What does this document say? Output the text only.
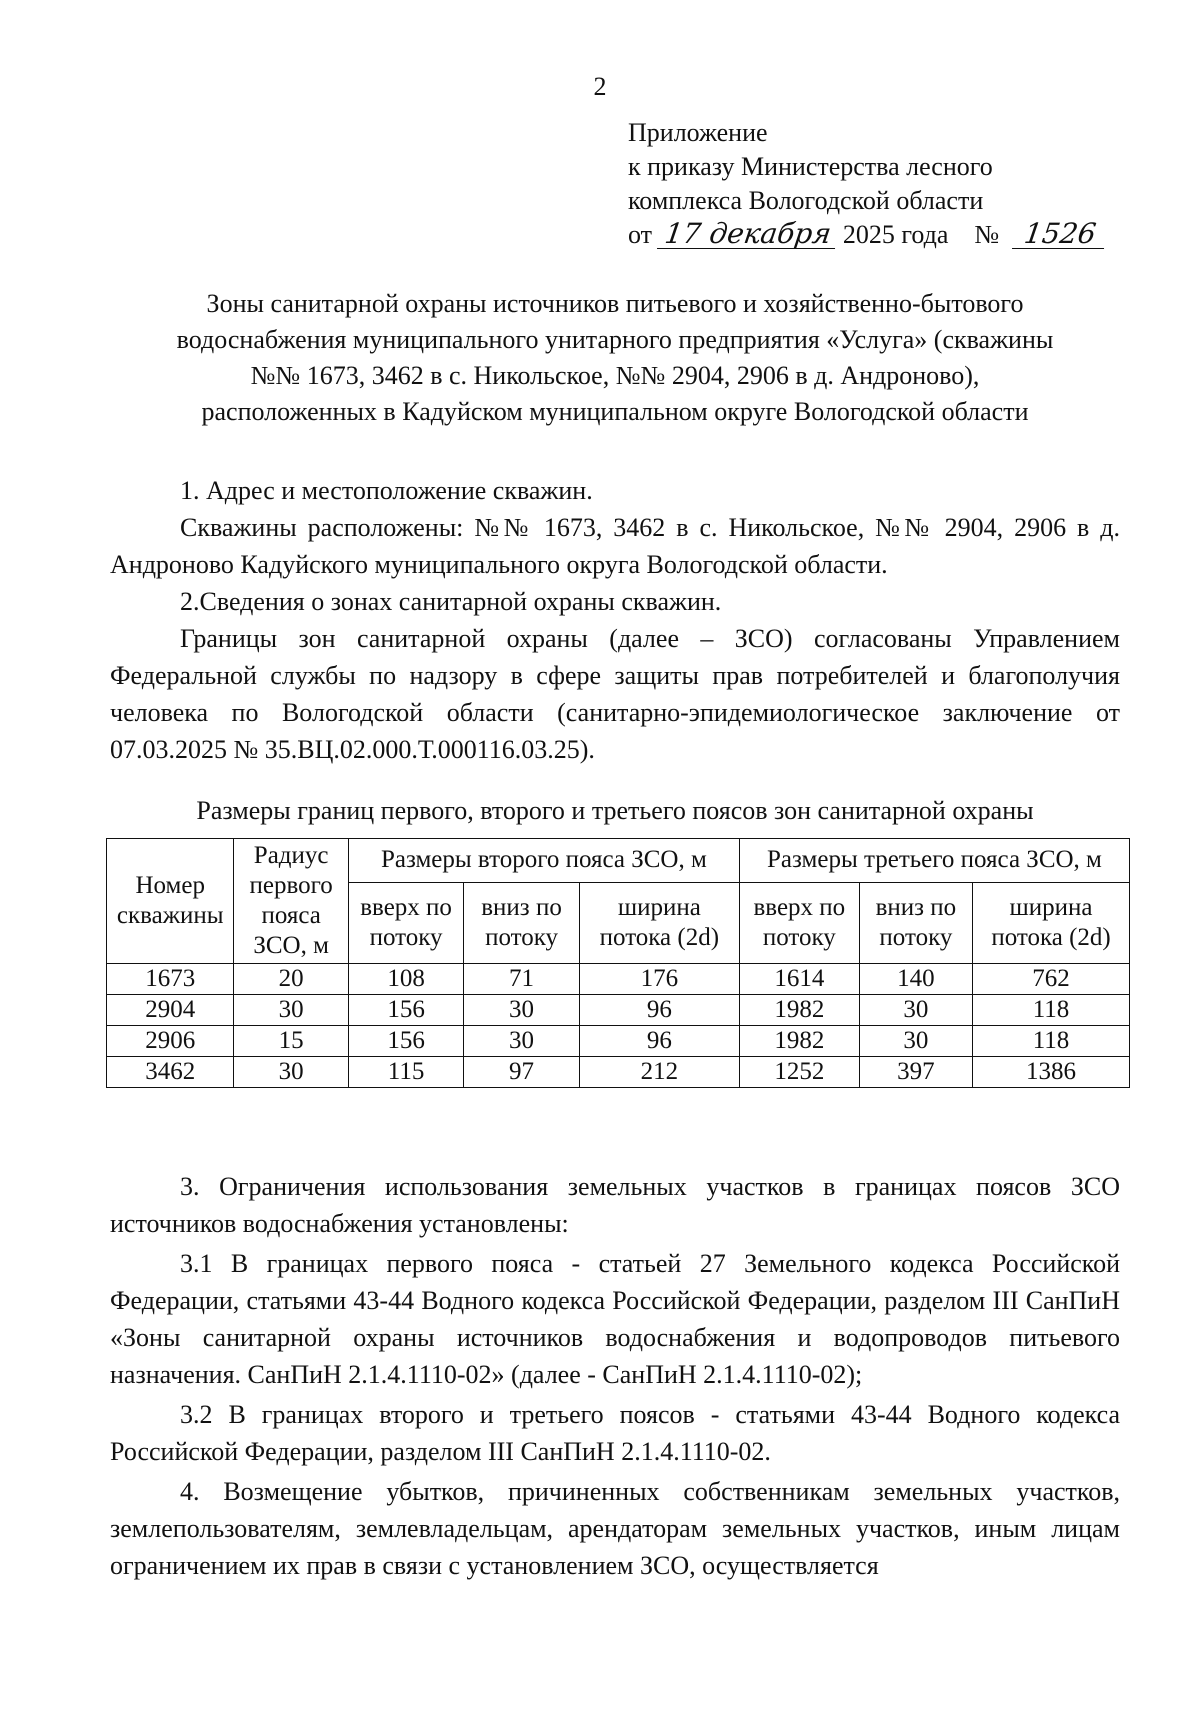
2
Приложение
к приказу Министерства лесного
комплекса Вологодской области
от 17 декабря 2025 года № 1526
Зоны санитарной охраны источников питьевого и хозяйственно-бытового
водоснабжения муниципального унитарного предприятия «Услуга» (скважины
№№ 1673, 3462 в с. Никольское, №№ 2904, 2906 в д. Андроново),
расположенных в Кадуйском муниципальном округе Вологодской области

1. Адрес и местоположение скважин.

Скважины расположены: №№ 1673, 3462 в с. Никольское, №№ 2904, 2906 в д. Андроново Кадуйского муниципального округа Вологодской области.

2.Сведения о зонах санитарной охраны скважин.

Границы зон санитарной охраны (далее – ЗСО) согласованы Управлением Федеральной службы по надзору в сфере защиты прав потребителей и благополучия человека по Вологодской области (санитарно-эпидемиологическое заключение от 07.03.2025 № 35.ВЦ.02.000.Т.000116.03.25).

Размеры границ первого, второго и третьего поясов зон санитарной охраны
Номер скважины	Радиус первого пояса ЗСО, м	Размеры второго пояса ЗСО, м			Размеры третьего пояса ЗСО, м		
		вверх по потоку	вниз по потоку	ширина потока (2d)	вверх по потоку	вниз по потоку	ширина потока (2d)
1673	20	108	71	176	1614	140	762
2904	30	156	30	96	1982	30	118
2906	15	156	30	96	1982	30	118
3462	30	115	97	212	1252	397	1386

3. Ограничения использования земельных участков в границах поясов ЗСО источников водоснабжения установлены:

3.1 В границах первого пояса - статьей 27 Земельного кодекса Российской Федерации, статьями 43-44 Водного кодекса Российской Федерации, разделом III СанПиН «Зоны санитарной охраны источников водоснабжения и водопроводов питьевого назначения. СанПиН 2.1.4.1110-02» (далее - СанПиН 2.1.4.1110-02);

3.2 В границах второго и третьего поясов - статьями 43-44 Водного кодекса Российской Федерации, разделом III СанПиН 2.1.4.1110-02.

4. Возмещение убытков, причиненных собственникам земельных участков, землепользователям, землевладельцам, арендаторам земельных участков, иным лицам ограничением их прав в связи с установлением ЗСО, осуществляется
